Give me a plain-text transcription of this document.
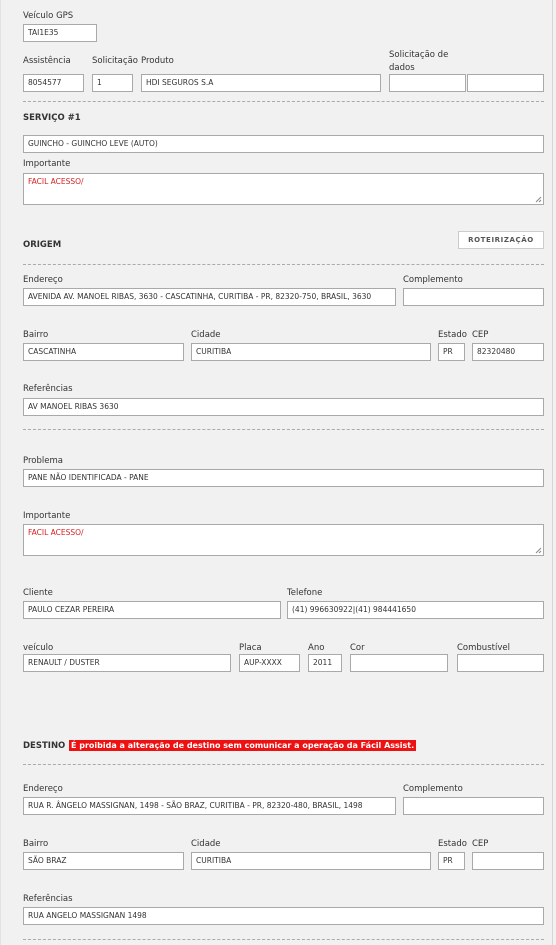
Veículo GPS
TAI1E35
Assistência	Solicitação Produto
Solicitação de
dados
8054577	1	HDI SEGUROS S.A
SERVIÇO #1
GUINCHO - GUINCHO LEVE (AUTO)
Importante
FACIL ACESSO/
ORIGEM	ROTEIRIZAÇÃO
Endereço	Complemento
AVENIDA AV. MANOEL RIBAS, 3630 - CASCATINHA, CURITIBA - PR, 82320-750, BRASIL, 3630
Bairro	Cidade	Estado CEP
CASCATINHA	CURITIBA	PR	82320480
Referências
AV MANOEL RIBAS 3630
Problema
PANE NÃO IDENTIFICADA - PANE
Importante
FACIL ACESSO/
Cliente	Telefone
PAULO CEZAR PEREIRA	(41) 996630922|(41) 984441650
veículo	Placa	Ano	Cor	Combustível
RENAULT / DUSTER	AUP-XXXX	2011
DESTINO É proibida a alteração de destino sem comunicar a operação da Fácil Assist.
Endereço	Complemento
RUA R. ÂNGELO MASSIGNAN, 1498 - SÃO BRAZ, CURITIBA - PR, 82320-480, BRASIL, 1498
Bairro	Cidade	Estado CEP
SÃO BRAZ	CURITIBA	PR
Referências
RUA ANGELO MASSIGNAN 1498
